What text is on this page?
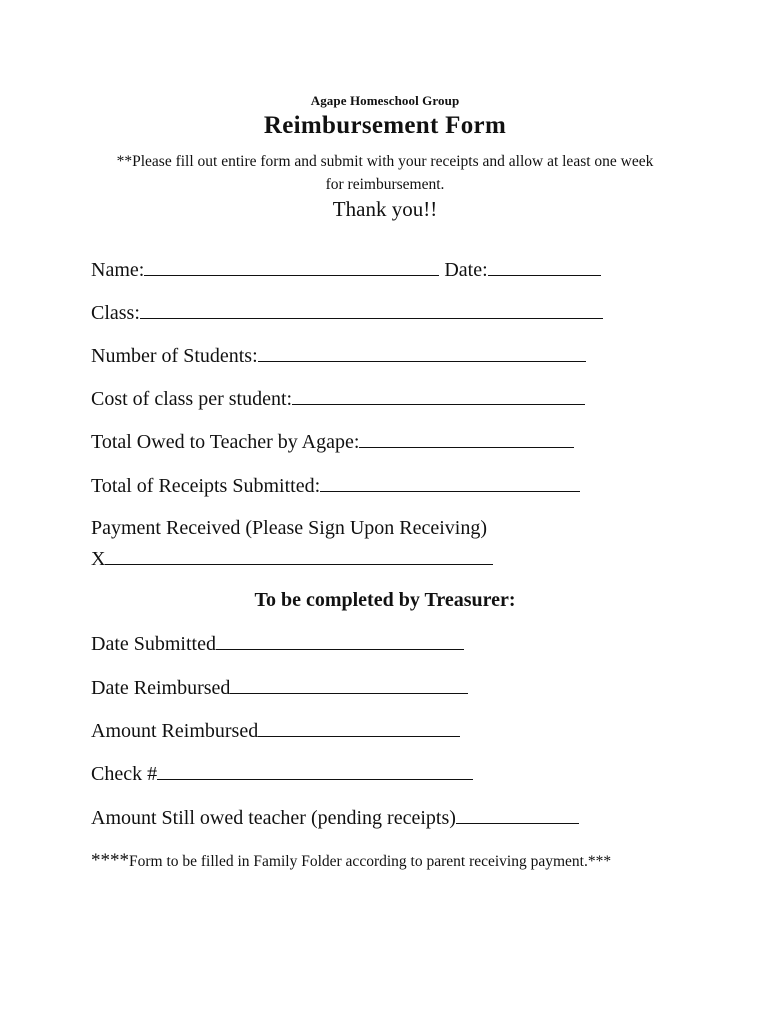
Agape Homeschool Group
Reimbursement Form
**Please fill out entire form and submit with your receipts and allow at least one week
for reimbursement.
Thank you!!
Name:	Date:
Class:
Number of Students:
Cost of class per student:
Total Owed to Teacher by Agape:
Total of Receipts Submitted:
Payment Received (Please Sign Upon Receiving)
X
To be completed by Treasurer:
Date Submitted
Date Reimbursed
Amount Reimbursed
Check #
Amount Still owed teacher (pending receipts)
****Form to be filled in Family Folder according to parent receiving payment.***
